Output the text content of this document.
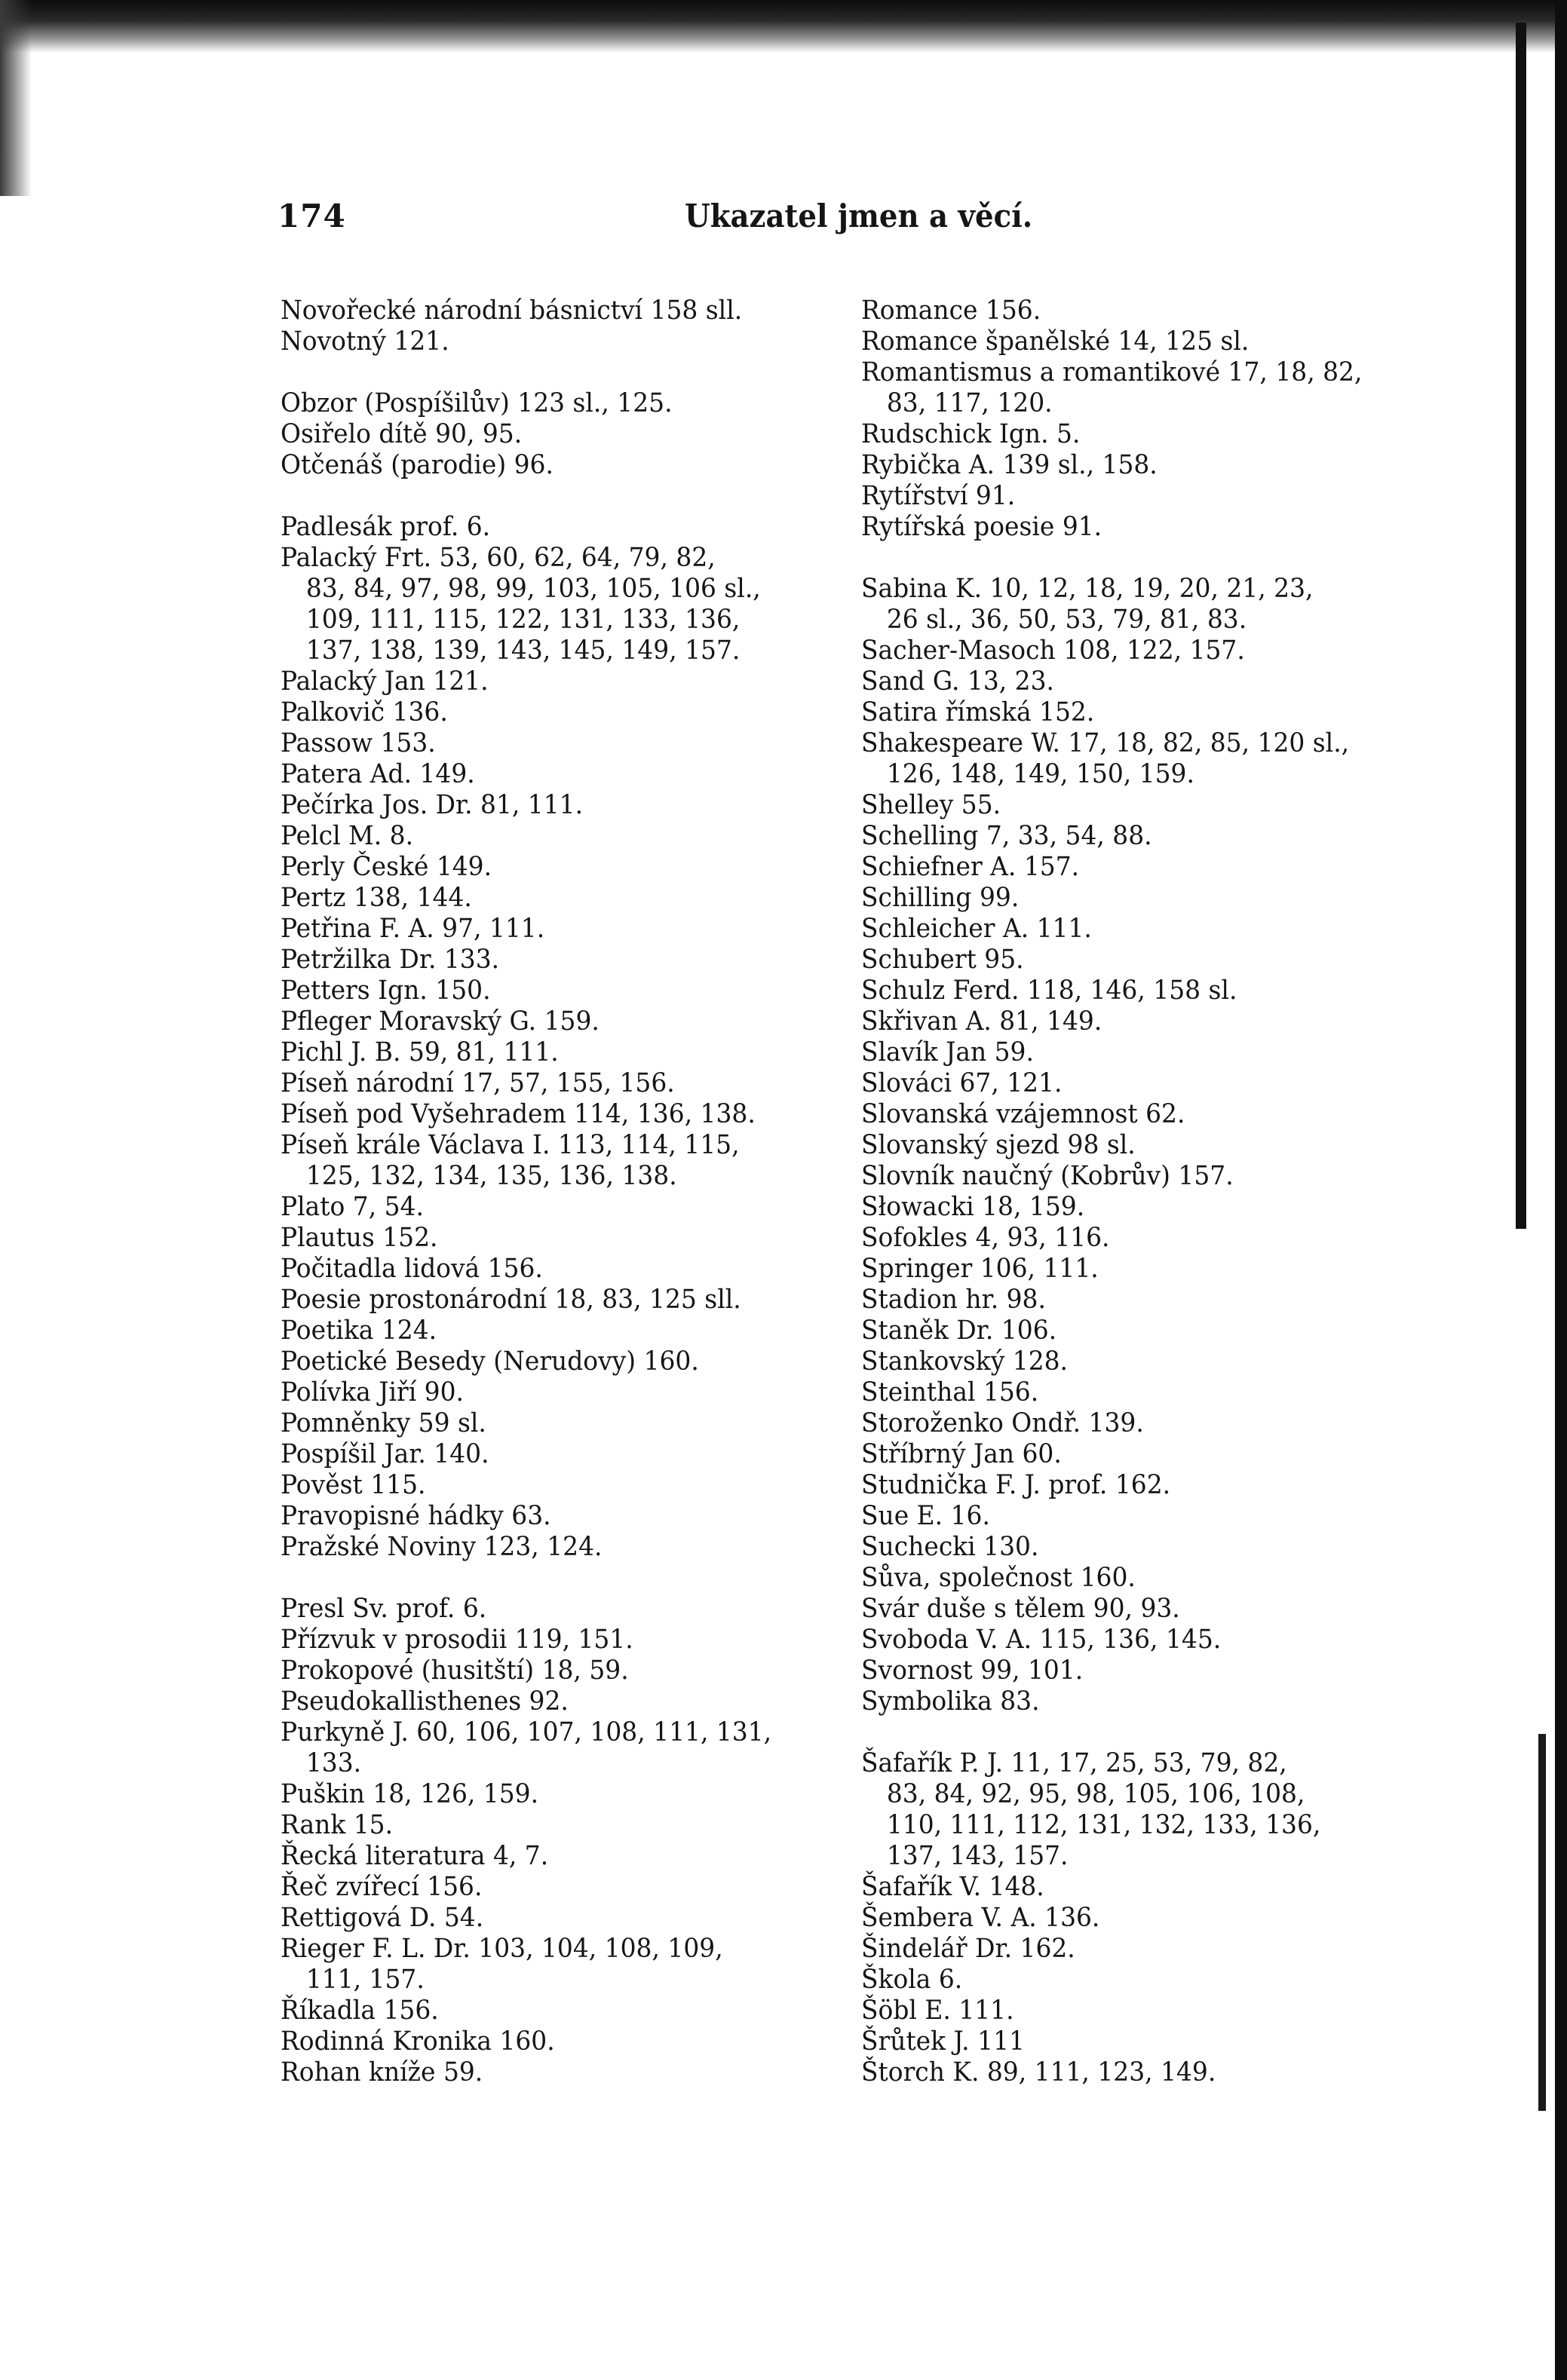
174	Ukazatel jmen a věcí.
Novořecké národní básnictví 158 sll.
Novotný 121.
Obzor (Pospíšilův) 123 sl., 125.
Osiřelo dítě 90, 95.
Otčenáš (parodie) 96.
Padlesák prof. 6.
Palacký Frt. 53, 60, 62, 64, 79, 82,
83, 84, 97, 98, 99, 103, 105, 106 sl.,
109, 111, 115, 122, 131, 133, 136,
137, 138, 139, 143, 145, 149, 157.
Palacký Jan 121.
Palkovič 136.
Passow 153.
Patera Ad. 149.
Pečírka Jos. Dr. 81, 111.
Pelcl M. 8.
Perly České 149.
Pertz 138, 144.
Petřina F. A. 97, 111.
Petržilka Dr. 133.
Petters Ign. 150.
Pfleger Moravský G. 159.
Pichl J. B. 59, 81, 111.
Píseň národní 17, 57, 155, 156.
Píseň pod Vyšehradem 114, 136, 138.
Píseň krále Václava I. 113, 114, 115,
125, 132, 134, 135, 136, 138.
Plato 7, 54.
Plautus 152.
Počitadla lidová 156.
Poesie prostonárodní 18, 83, 125 sll.
Poetika 124.
Poetické Besedy (Nerudovy) 160.
Polívka Jiří 90.
Pomněnky 59 sl.
Pospíšil Jar. 140.
Pověst 115.
Pravopisné hádky 63.
Pražské Noviny 123, 124.
Presl Sv. prof. 6.
Přízvuk v prosodii 119, 151.
Prokopové (husitští) 18, 59.
Pseudokallisthenes 92.
Purkyně J. 60, 106, 107, 108, 111, 131,
133.
Puškin 18, 126, 159.
Rank 15.
Řecká literatura 4, 7.
Řeč zvířecí 156.
Rettigová D. 54.
Rieger F. L. Dr. 103, 104, 108, 109,
111, 157.
Říkadla 156.
Rodinná Kronika 160.
Rohan kníže 59.
Romance 156.
Romance španělské 14, 125 sl.
Romantismus a romantikové 17, 18, 82,
83, 117, 120.
Rudschick Ign. 5.
Rybička A. 139 sl., 158.
Rytířství 91.
Rytířská poesie 91.
Sabina K. 10, 12, 18, 19, 20, 21, 23,
26 sl., 36, 50, 53, 79, 81, 83.
Sacher-Masoch 108, 122, 157.
Sand G. 13, 23.
Satira římská 152.
Shakespeare W. 17, 18, 82, 85, 120 sl.,
126, 148, 149, 150, 159.
Shelley 55.
Schelling 7, 33, 54, 88.
Schiefner A. 157.
Schilling 99.
Schleicher A. 111.
Schubert 95.
Schulz Ferd. 118, 146, 158 sl.
Skřivan A. 81, 149.
Slavík Jan 59.
Slováci 67, 121.
Slovanská vzájemnost 62.
Slovanský sjezd 98 sl.
Slovník naučný (Kobrův) 157.
Słowacki 18, 159.
Sofokles 4, 93, 116.
Springer 106, 111.
Stadion hr. 98.
Staněk Dr. 106.
Stankovský 128.
Steinthal 156.
Storoženko Ondř. 139.
Stříbrný Jan 60.
Studnička F. J. prof. 162.
Sue E. 16.
Suchecki 130.
Sůva, společnost 160.
Svár duše s tělem 90, 93.
Svoboda V. A. 115, 136, 145.
Svornost 99, 101.
Symbolika 83.
Šafařík P. J. 11, 17, 25, 53, 79, 82,
83, 84, 92, 95, 98, 105, 106, 108,
110, 111, 112, 131, 132, 133, 136,
137, 143, 157.
Šafařík V. 148.
Šembera V. A. 136.
Šindelář Dr. 162.
Škola 6.
Šöbl E. 111.
Šrůtek J. 111
Štorch K. 89, 111, 123, 149.
